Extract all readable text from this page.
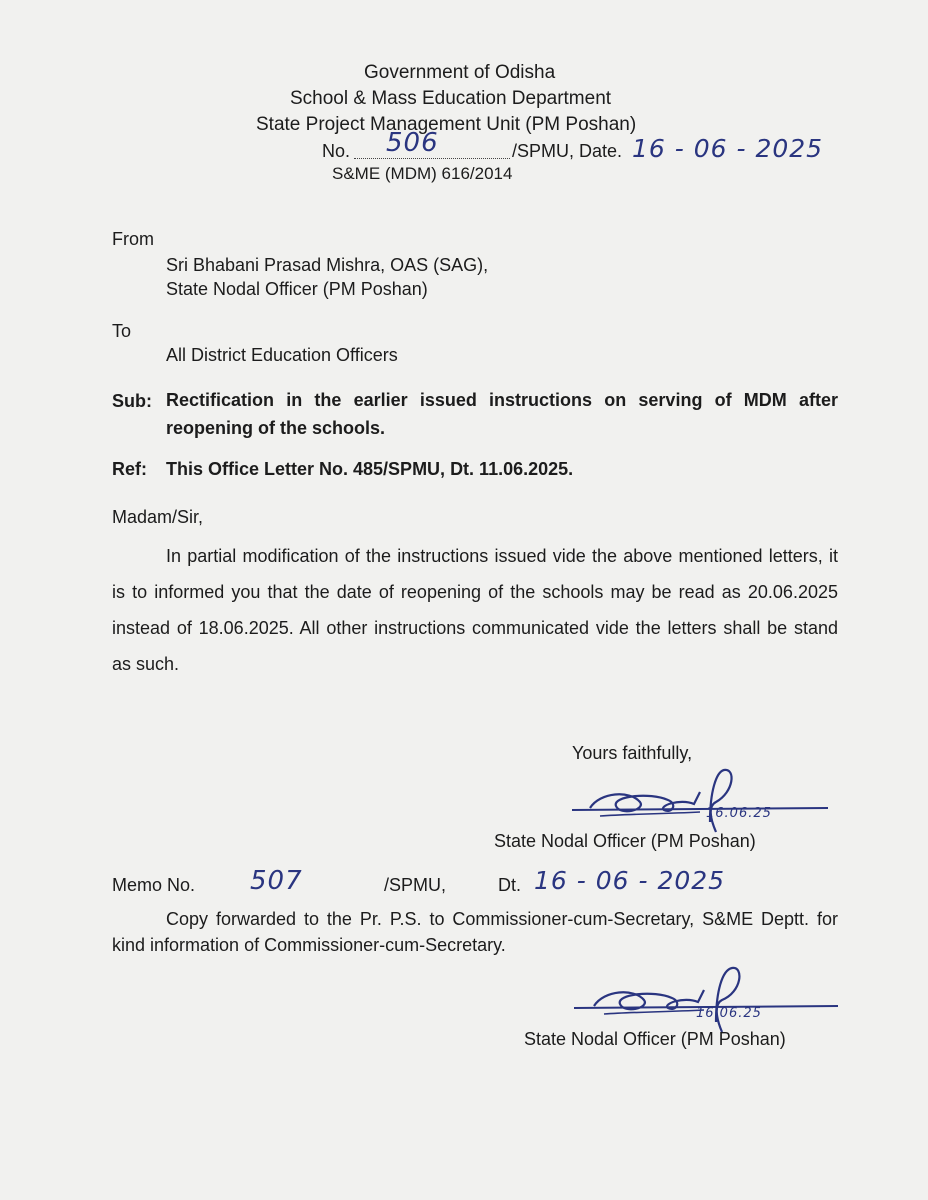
Government of Odisha
School & Mass Education Department
State Project Management Unit (PM Poshan)
No. 506	/SPMU, Date. 16 - 06 - 2025
S&ME (MDM) 616/2014
From
Sri Bhabani Prasad Mishra, OAS (SAG),
State Nodal Officer (PM Poshan)
To
All District Education Officers
Sub: Rectification in the earlier issued instructions on serving of MDM after reopening of the schools.
Ref: This Office Letter No. 485/SPMU, Dt. 11.06.2025.
Madam/Sir,
In partial modification of the instructions issued vide the above mentioned letters, it is to informed you that the date of reopening of the schools may be read as 20.06.2025 instead of 18.06.2025. All other instructions communicated vide the letters shall be stand as such.
Yours faithfully,
16.06.25
State Nodal Officer (PM Poshan)
Memo No. 507	/SPMU,	Dt. 16 - 06 - 2025
Copy forwarded to the Pr. P.S. to Commissioner-cum-Secretary, S&ME Deptt. for kind information of Commissioner-cum-Secretary.
16.06.25
State Nodal Officer (PM Poshan)
